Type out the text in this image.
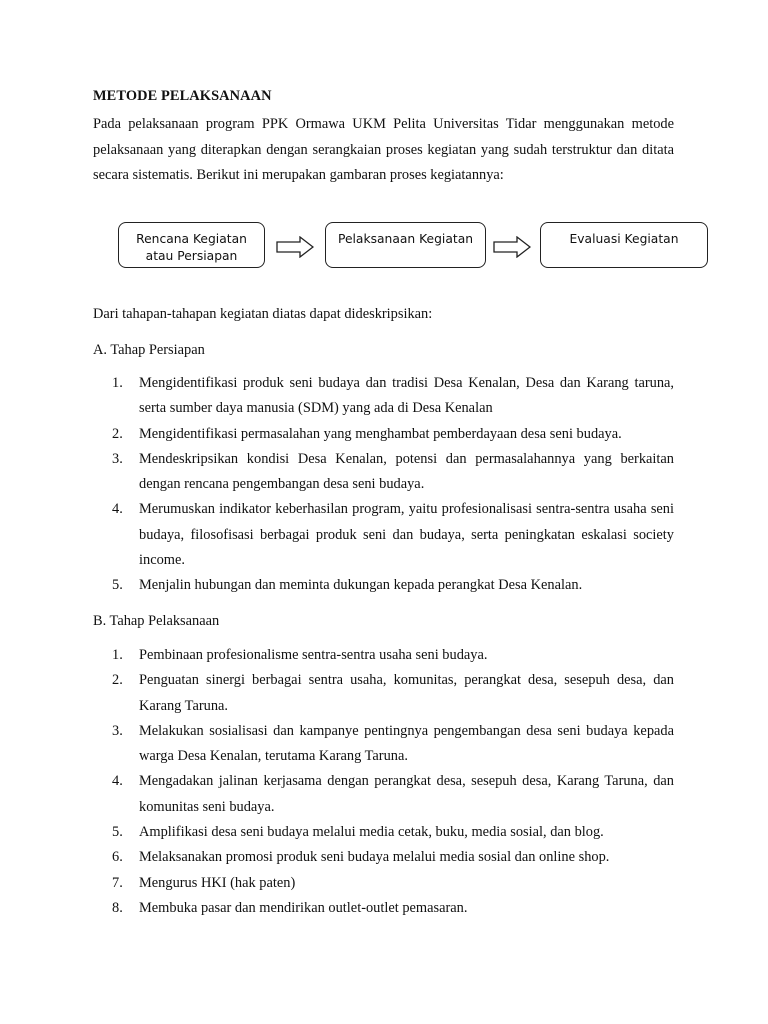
METODE PELAKSANAAN

Pada pelaksanaan program PPK Ormawa UKM Pelita Universitas Tidar menggunakan metode pelaksanaan yang diterapkan dengan serangkaian proses kegiatan yang sudah terstruktur dan ditata secara sistematis. Berikut ini merupakan gambaran proses kegiatannya:

Rencana Kegiatan
atau Persiapan
Pelaksanaan Kegiatan	Evaluasi Kegiatan
Dari tahapan-tahapan kegiatan diatas dapat dideskripsikan:
A. Tahap Persiapan
1.	Mengidentifikasi produk seni budaya dan tradisi Desa Kenalan, Desa dan Karang taruna, serta sumber daya manusia (SDM) yang ada di Desa Kenalan
2.	Mengidentifikasi permasalahan yang menghambat pemberdayaan desa seni budaya.
3.	Mendeskripsikan kondisi Desa Kenalan, potensi dan permasalahannya yang berkaitan dengan rencana pengembangan desa seni budaya.
4.	Merumuskan indikator keberhasilan program, yaitu profesionalisasi sentra-sentra usaha seni budaya, filosofisasi berbagai produk seni dan budaya, serta peningkatan eskalasi society income.
5.	Menjalin hubungan dan meminta dukungan kepada perangkat Desa Kenalan.
B. Tahap Pelaksanaan
1.	Pembinaan profesionalisme sentra-sentra usaha seni budaya.
2.	Penguatan sinergi berbagai sentra usaha, komunitas, perangkat desa, sesepuh desa, dan Karang Taruna.
3.	Melakukan sosialisasi dan kampanye pentingnya pengembangan desa seni budaya kepada warga Desa Kenalan, terutama Karang Taruna.
4.	Mengadakan jalinan kerjasama dengan perangkat desa, sesepuh desa, Karang Taruna, dan komunitas seni budaya.
5.	Amplifikasi desa seni budaya melalui media cetak, buku, media sosial, dan blog.
6.	Melaksanakan promosi produk seni budaya melalui media sosial dan online shop.
7.	Mengurus HKI (hak paten)
8.	Membuka pasar dan mendirikan outlet-outlet pemasaran.
